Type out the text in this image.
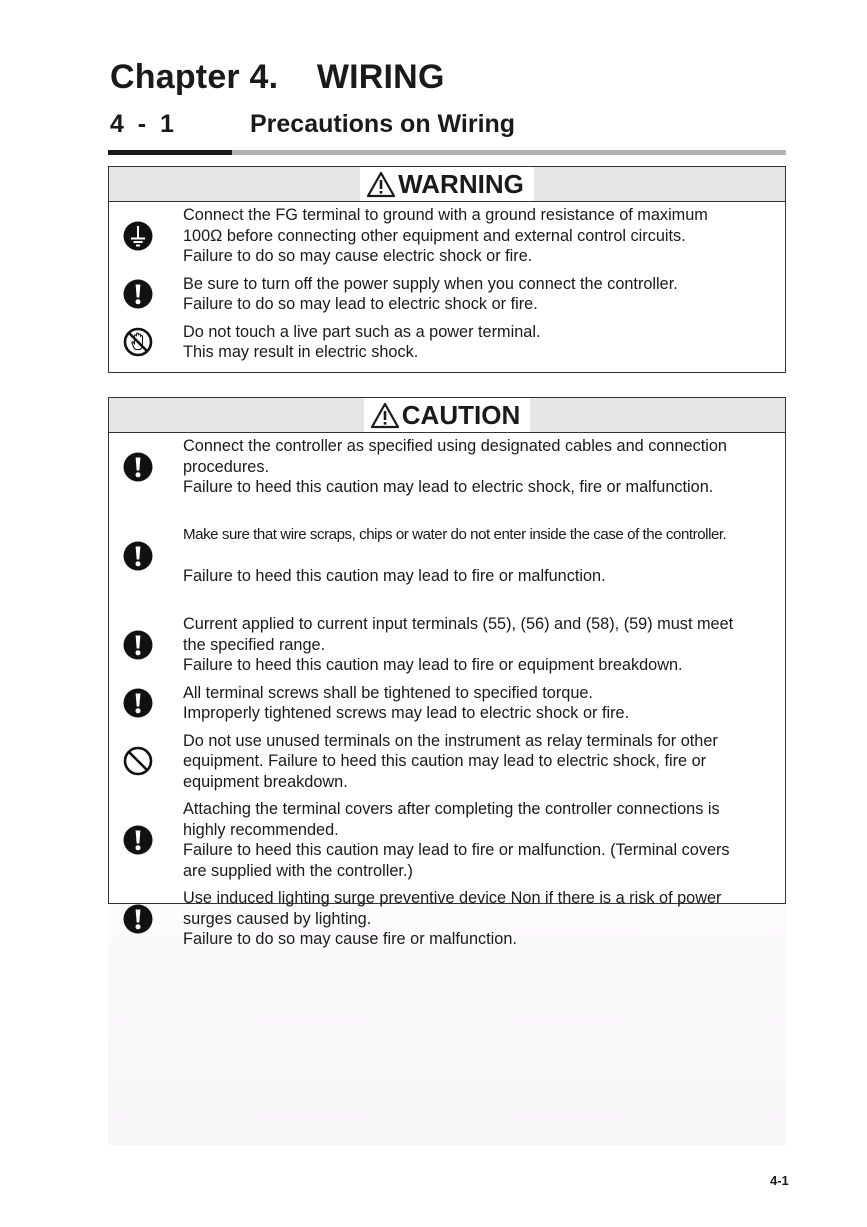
Chapter 4.    WIRING
4  -  1	Precautions on Wiring
WARNING
Connect the FG terminal to ground with a ground resistance of maximum
100Ω before connecting other equipment and external control circuits.
Failure to do so may cause electric shock or fire.
Be sure to turn off the power supply when you connect the controller.
Failure to do so may lead to electric shock or fire.
Do not touch a live part such as a power terminal.
This may result in electric shock.
CAUTION
Connect the controller as specified using designated cables and connection
procedures.
Failure to heed this caution may lead to electric shock, fire or malfunction.

Make sure that wire scraps, chips or water do not enter inside the case of the controller.

Failure to heed this caution may lead to fire or malfunction.

Current applied to current input terminals (55), (56) and (58), (59) must meet
the specified range.
Failure to heed this caution may lead to fire or equipment breakdown.
All terminal screws shall be tightened to specified torque.
Improperly tightened screws may lead to electric shock or fire.
Do not use unused terminals on the instrument as relay terminals for other
equipment. Failure to heed this caution may lead to electric shock, fire or
equipment breakdown.
Attaching the terminal covers after completing the controller connections is
highly recommended.
Failure to heed this caution may lead to fire or malfunction. (Terminal covers
are supplied with the controller.)
Use induced lighting surge preventive device Non if there is a risk of power
surges caused by lighting.
Failure to do so may cause fire or malfunction.
4-1
